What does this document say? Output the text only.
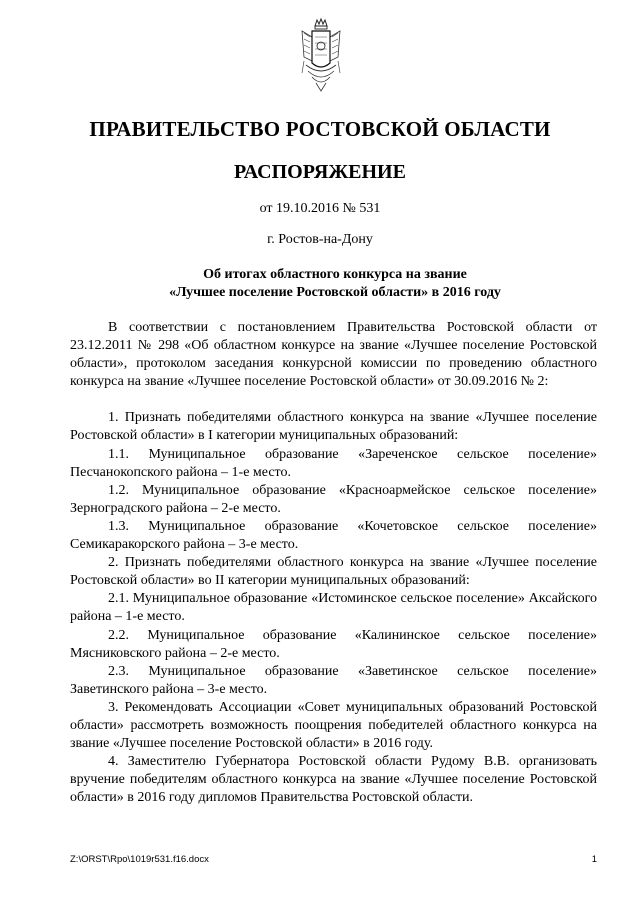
ПРАВИТЕЛЬСТВО РОСТОВСКОЙ ОБЛАСТИ
РАСПОРЯЖЕНИЕ
от 19.10.2016 № 531
г. Ростов-на-Дону
Об итогах областного конкурса на звание
«Лучшее поселение Ростовской области» в 2016 году

В соответствии с постановлением Правительства Ростовской области от 23.12.2011 № 298 «Об областном конкурсе на звание «Лучшее поселение Ростовской области», протоколом заседания конкурсной комиссии по проведению областного конкурса на звание «Лучшее поселение Ростовской области» от 30.09.2016 № 2:

1. Признать победителями областного конкурса на звание «Лучшее поселение Ростовской области» в I категории муниципальных образований:

1.1. Муниципальное образование «Зареченское сельское поселение» Песчанокопского района – 1-е место.

1.2. Муниципальное образование «Красноармейское сельское поселение» Зерноградского района – 2-е место.

1.3. Муниципальное образование «Кочетовское сельское поселение» Семикаракорского района – 3-е место.

2. Признать победителями областного конкурса на звание «Лучшее поселение Ростовской области» во II категории муниципальных образований:

2.1. Муниципальное образование «Истоминское сельское поселение» Аксайского района – 1-е место.

2.2. Муниципальное образование «Калининское сельское поселение» Мясниковского района – 2-е место.

2.3. Муниципальное образование «Заветинское сельское поселение» Заветинского района – 3-е место.

3. Рекомендовать Ассоциации «Совет муниципальных образований Ростовской области» рассмотреть возможность поощрения победителей областного конкурса на звание «Лучшее поселение Ростовской области» в 2016 году.

4. Заместителю Губернатора Ростовской области Рудому В.В. организовать вручение победителям областного конкурса на звание «Лучшее поселение Ростовской области» в 2016 году дипломов Правительства Ростовской области.

Z:\ORST\Rpo\1019r531.f16.docx	1
